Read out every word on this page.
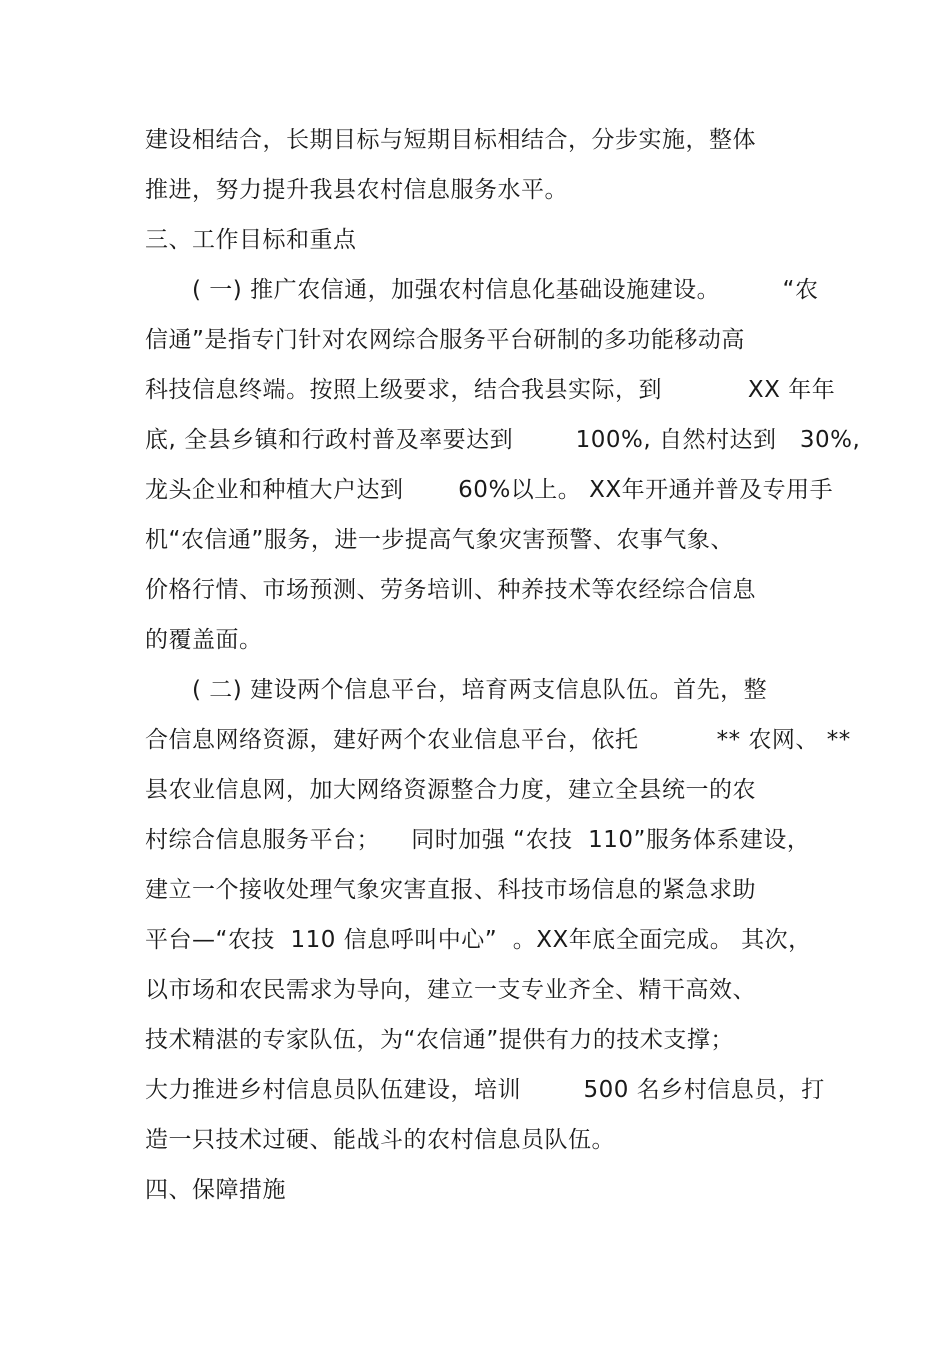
建设相结合，长期目标与短期目标相结合，分步实施，整体
推进，努力提升我县农村信息服务水平。
三、工作目标和重点
( 一) 推广农信通，加强农村信息化基础设施建设。        “农
信通”是指专门针对农网综合服务平台研制的多功能移动高
科技信息终端。按照上级要求，结合我县实际，到           XX 年年
底, 全县乡镇和行政村普及率要达到        100%, 自然村达到   30%,
龙头企业和种植大户达到       60%以上。 XX年开通并普及专用手
机“农信通”服务，进一步提高气象灾害预警、农事气象、
价格行情、市场预测、劳务培训、种养技术等农经综合信息
的覆盖面。
( 二) 建设两个信息平台，培育两支信息队伍。首先，整
合信息网络资源，建好两个农业信息平台，依托          ** 农网、 **
县农业信息网，加大网络资源整合力度，建立全县统一的农
村综合信息服务平台；    同时加强 “农技  110”服务体系建设，
建立一个接收处理气象灾害直报、科技市场信息的紧急求助
平台—“农技  110 信息呼叫中心”  。XX年底全面完成。 其次，
以市场和农民需求为导向，建立一支专业齐全、精干高效、
技术精湛的专家队伍，为“农信通”提供有力的技术支撑；
大力推进乡村信息员队伍建设，培训        500 名乡村信息员，打
造一只技术过硬、能战斗的农村信息员队伍。
四、保障措施
